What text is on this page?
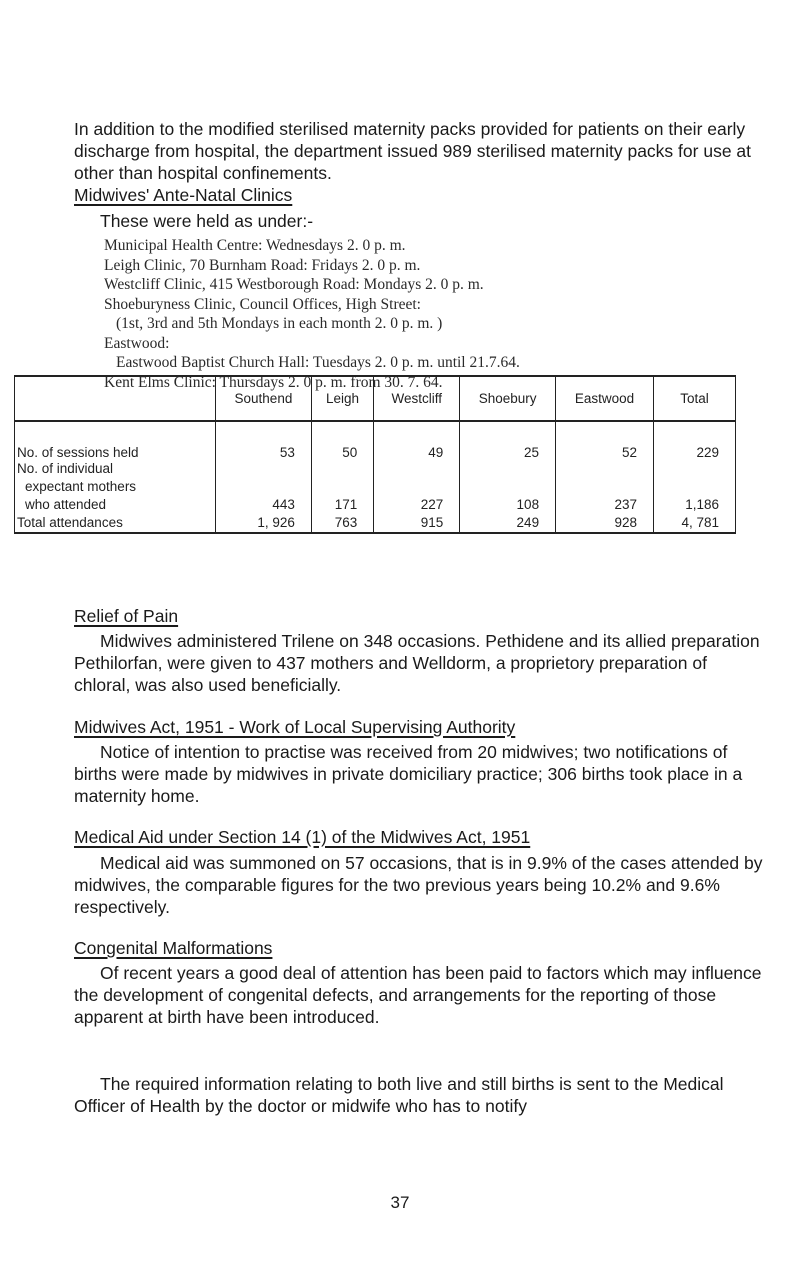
In addition to the modified sterilised maternity packs provided for patients on their early discharge from hospital, the department issued 989 sterilised maternity packs for use at other than hospital confinements.
Midwives' Ante-Natal Clinics
These were held as under:-
Municipal Health Centre: Wednesdays 2. 0 p. m.
Leigh Clinic, 70 Burnham Road: Fridays 2. 0 p. m.
Westcliff Clinic, 415 Westborough Road: Mondays 2. 0 p. m.
Shoeburyness Clinic, Council Offices, High Street:
(1st, 3rd and 5th Mondays in each month 2. 0 p. m. )
Eastwood:
Eastwood Baptist Church Hall: Tuesdays 2. 0 p. m. until 21.7.64.
Kent Elms Clinic: Thursdays 2. 0 p. m. from 30. 7. 64.
	Southend	Leigh	Westcliff	Shoebury	Eastwood	Total

No. of sessions held	53	50	49	25	52	229

No. of individual
expectant mothers
who attended	443	171	227	108	237	1,186

Total attendances	1, 926	763	915	249	928	4, 781
Relief of Pain
Midwives administered Trilene on 348 occasions. Pethidene and its allied preparation Pethilorfan, were given to 437 mothers and Welldorm, a proprietory preparation of chloral, was also used beneficially.
Midwives Act, 1951 - Work of Local Supervising Authority
Notice of intention to practise was received from 20 midwives; two notifications of births were made by midwives in private domiciliary practice; 306 births took place in a maternity home.
Medical Aid under Section 14 (1) of the Midwives Act, 1951
Medical aid was summoned on 57 occasions, that is in 9.9% of the cases attended by midwives, the comparable figures for the two previous years being 10.2% and 9.6% respectively.
Congenital Malformations
Of recent years a good deal of attention has been paid to factors which may influence the development of congenital defects, and arrangements for the reporting of those apparent at birth have been introduced.
The required information relating to both live and still births is sent to the Medical Officer of Health by the doctor or midwife who has to notify
37
